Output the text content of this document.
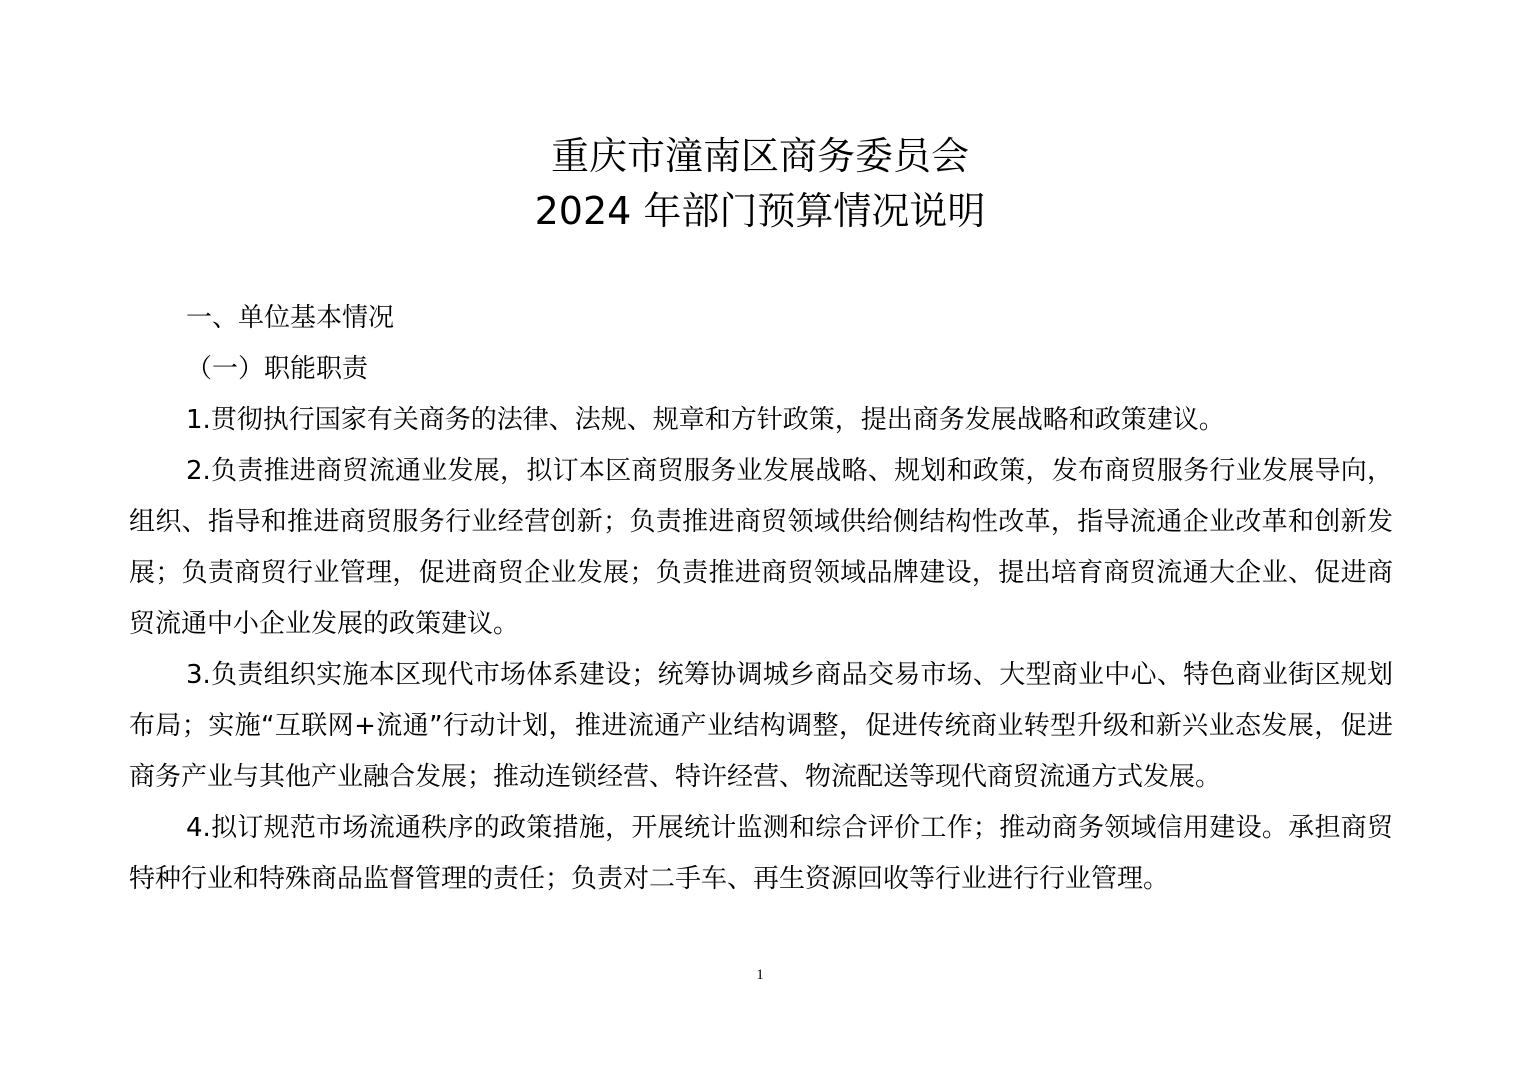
重庆市潼南区商务委员会
2024 年部门预算情况说明

一、单位基本情况

（一）职能职责

1.贯彻执行国家有关商务的法律、法规、规章和方针政策，提出商务发展战略和政策建议。

2.负责推进商贸流通业发展，拟订本区商贸服务业发展战略、规划和政策，发布商贸服务行业发展导向，组织、指导和推进商贸服务行业经营创新；负责推进商贸领域供给侧结构性改革，指导流通企业改革和创新发展；负责商贸行业管理，促进商贸企业发展；负责推进商贸领域品牌建设，提出培育商贸流通大企业、促进商贸流通中小企业发展的政策建议。

3.负责组织实施本区现代市场体系建设；统筹协调城乡商品交易市场、大型商业中心、特色商业街区规划布局；实施“互联网+流通”行动计划，推进流通产业结构调整，促进传统商业转型升级和新兴业态发展，促进商务产业与其他产业融合发展；推动连锁经营、特许经营、物流配送等现代商贸流通方式发展。

4.拟订规范市场流通秩序的政策措施，开展统计监测和综合评价工作；推动商务领域信用建设。承担商贸特种行业和特殊商品监督管理的责任；负责对二手车、再生资源回收等行业进行行业管理。

1
